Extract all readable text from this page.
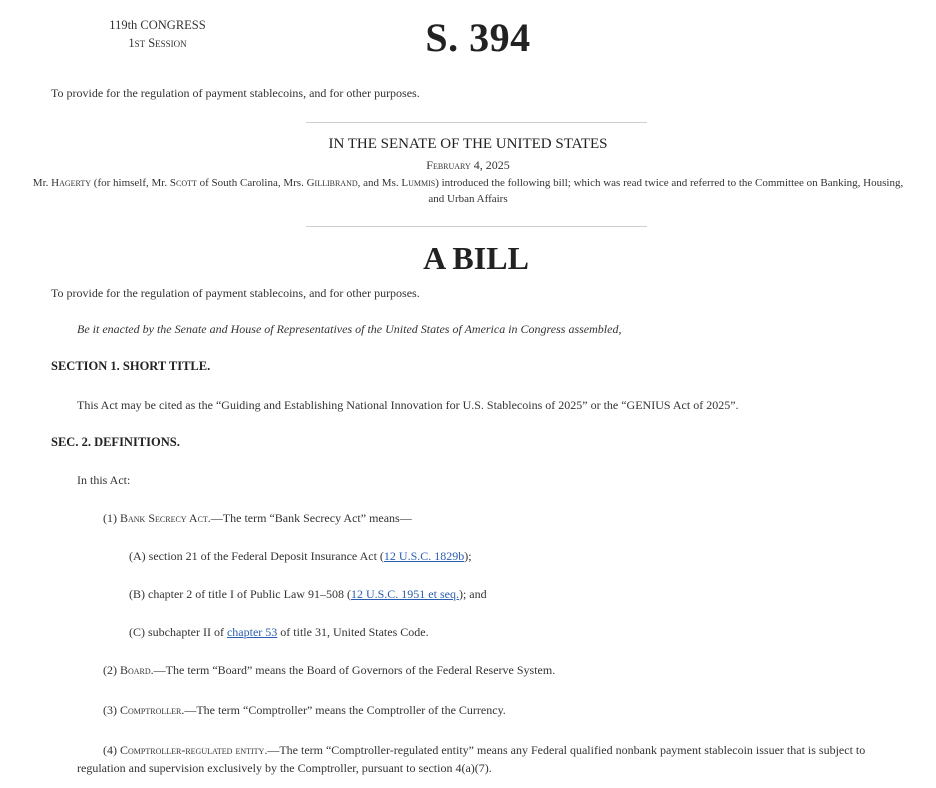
119th CONGRESS
1st Session	S. 394
To provide for the regulation of payment stablecoins, and for other purposes.
IN THE SENATE OF THE UNITED STATES
February 4, 2025
Mr. Hagerty (for himself, Mr. Scott of South Carolina, Mrs. Gillibrand, and Ms. Lummis) introduced the following bill; which was read twice and referred to the Committee on Banking, Housing, and Urban Affairs
A BILL
To provide for the regulation of payment stablecoins, and for other purposes.
Be it enacted by the Senate and House of Representatives of the United States of America in Congress assembled,
SECTION 1. SHORT TITLE.
This Act may be cited as the “Guiding and Establishing National Innovation for U.S. Stablecoins of 2025” or the “GENIUS Act of 2025”.
SEC. 2. DEFINITIONS.
In this Act:
(1) Bank Secrecy Act.—The term “Bank Secrecy Act” means—
(A) section 21 of the Federal Deposit Insurance Act (12 U.S.C. 1829b);
(B) chapter 2 of title I of Public Law 91–508 (12 U.S.C. 1951 et seq.); and
(C) subchapter II of chapter 53 of title 31, United States Code.
(2) Board.—The term “Board” means the Board of Governors of the Federal Reserve System.
(3) Comptroller.—The term “Comptroller” means the Comptroller of the Currency.
(4) Comptroller-regulated entity.—The term “Comptroller-regulated entity” means any Federal qualified nonbank payment stablecoin issuer that is subject to regulation and supervision exclusively by the Comptroller, pursuant to section 4(a)(7).
